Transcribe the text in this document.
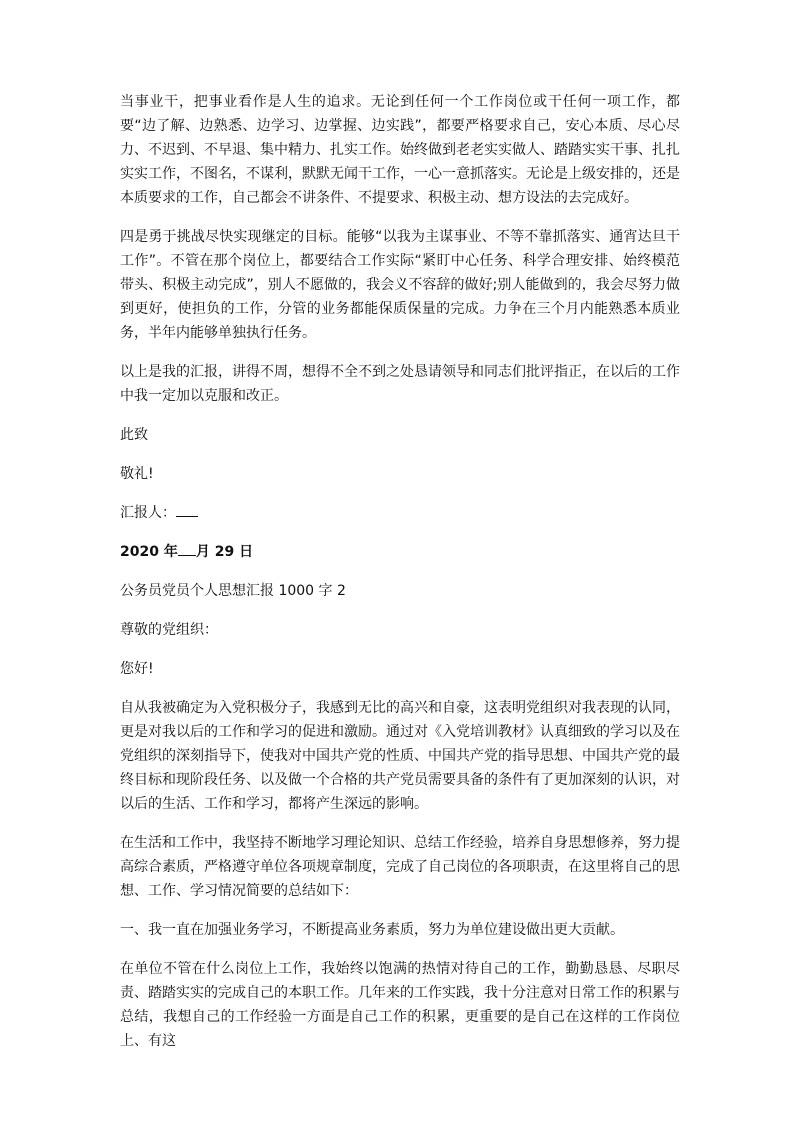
当事业干，把事业看作是人生的追求。无论到任何一个工作岗位或干任何一项工作，都要“边了解、边熟悉、边学习、边掌握、边实践”，都要严格要求自己，安心本质、尽心尽力、不迟到、不早退、集中精力、扎实工作。始终做到老老实实做人、踏踏实实干事、扎扎实实工作，不图名，不谋利，默默无闻干工作，一心一意抓落实。无论是上级安排的，还是本质要求的工作，自己都会不讲条件、不提要求、积极主动、想方设法的去完成好。

四是勇于挑战尽快实现继定的目标。能够“以我为主谋事业、不等不靠抓落实、通宵达旦干工作”。不管在那个岗位上，都要结合工作实际“紧盯中心任务、科学合理安排、始终模范带头、积极主动完成”，别人不愿做的，我会义不容辞的做好;别人能做到的，我会尽努力做到更好，使担负的工作，分管的业务都能保质保量的完成。力争在三个月内能熟悉本质业务，半年内能够单独执行任务。

以上是我的汇报，讲得不周，想得不全不到之处恳请领导和同志们批评指正，在以后的工作中我一定加以克服和改正。

此致

敬礼!

汇报人：

2020 年 月 29 日

公务员党员个人思想汇报 1000 字 2

尊敬的党组织：

您好!

自从我被确定为入党积极分子，我感到无比的高兴和自豪，这表明党组织对我表现的认同，更是对我以后的工作和学习的促进和激励。通过对《入党培训教材》认真细致的学习以及在党组织的深刻指导下，使我对中国共产党的性质、中国共产党的指导思想、中国共产党的最终目标和现阶段任务、以及做一个合格的共产党员需要具备的条件有了更加深刻的认识，对以后的生活、工作和学习，都将产生深远的影响。

在生活和工作中，我坚持不断地学习理论知识、总结工作经验，培养自身思想修养，努力提高综合素质，严格遵守单位各项规章制度，完成了自己岗位的各项职责，在这里将自己的思想、工作、学习情况简要的总结如下：

一、我一直在加强业务学习，不断提高业务素质，努力为单位建设做出更大贡献。

在单位不管在什么岗位上工作，我始终以饱满的热情对待自己的工作，勤勤恳恳、尽职尽责、踏踏实实的完成自己的本职工作。几年来的工作实践，我十分注意对日常工作的积累与总结，我想自己的工作经验一方面是自己工作的积累，更重要的是自己在这样的工作岗位上、有这
